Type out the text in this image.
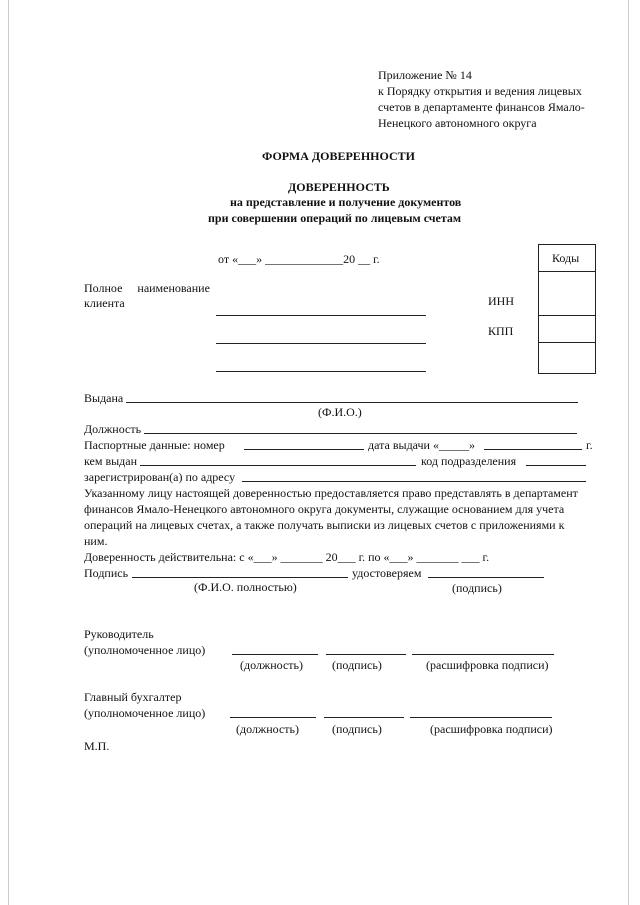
Приложение № 14
к Порядку открытия и ведения лицевых
счетов в департаменте финансов Ямало-
Ненецкого автономного округа
ФОРМА ДОВЕРЕННОСТИ
ДОВЕРЕННОСТЬ
на представление и получение документов
при совершении операций по лицевым счетам
от «___» _____________20 __ г.	Коды
ИНН
КПП
Полное     наименование
клиента
Выдана
(Ф.И.О.)
Должность
Паспортные данные: номер	дата выдачи «_____»	г.
кем выдан	код подразделения
зарегистрирован(а) по адресу
Указанному лицу настоящей доверенностью предоставляется право представлять в департамент
финансов Ямало-Ненецкого автономного округа документы, служащие основанием для учета
операций на лицевых счетах, а также получать выписки из лицевых счетов с приложениями к
ним.
Доверенность действительна: с «___» _______ 20___ г. по «___» _______ ___ г.
Подпись	удостоверяем
(Ф.И.О. полностью)	(подпись)
Руководитель
(уполномоченное лицо)
(должность) (подпись)	(расшифровка подписи)
Главный бухгалтер
(уполномоченное лицо)
(должность)	(подпись)	(расшифровка подписи)
М.П.
